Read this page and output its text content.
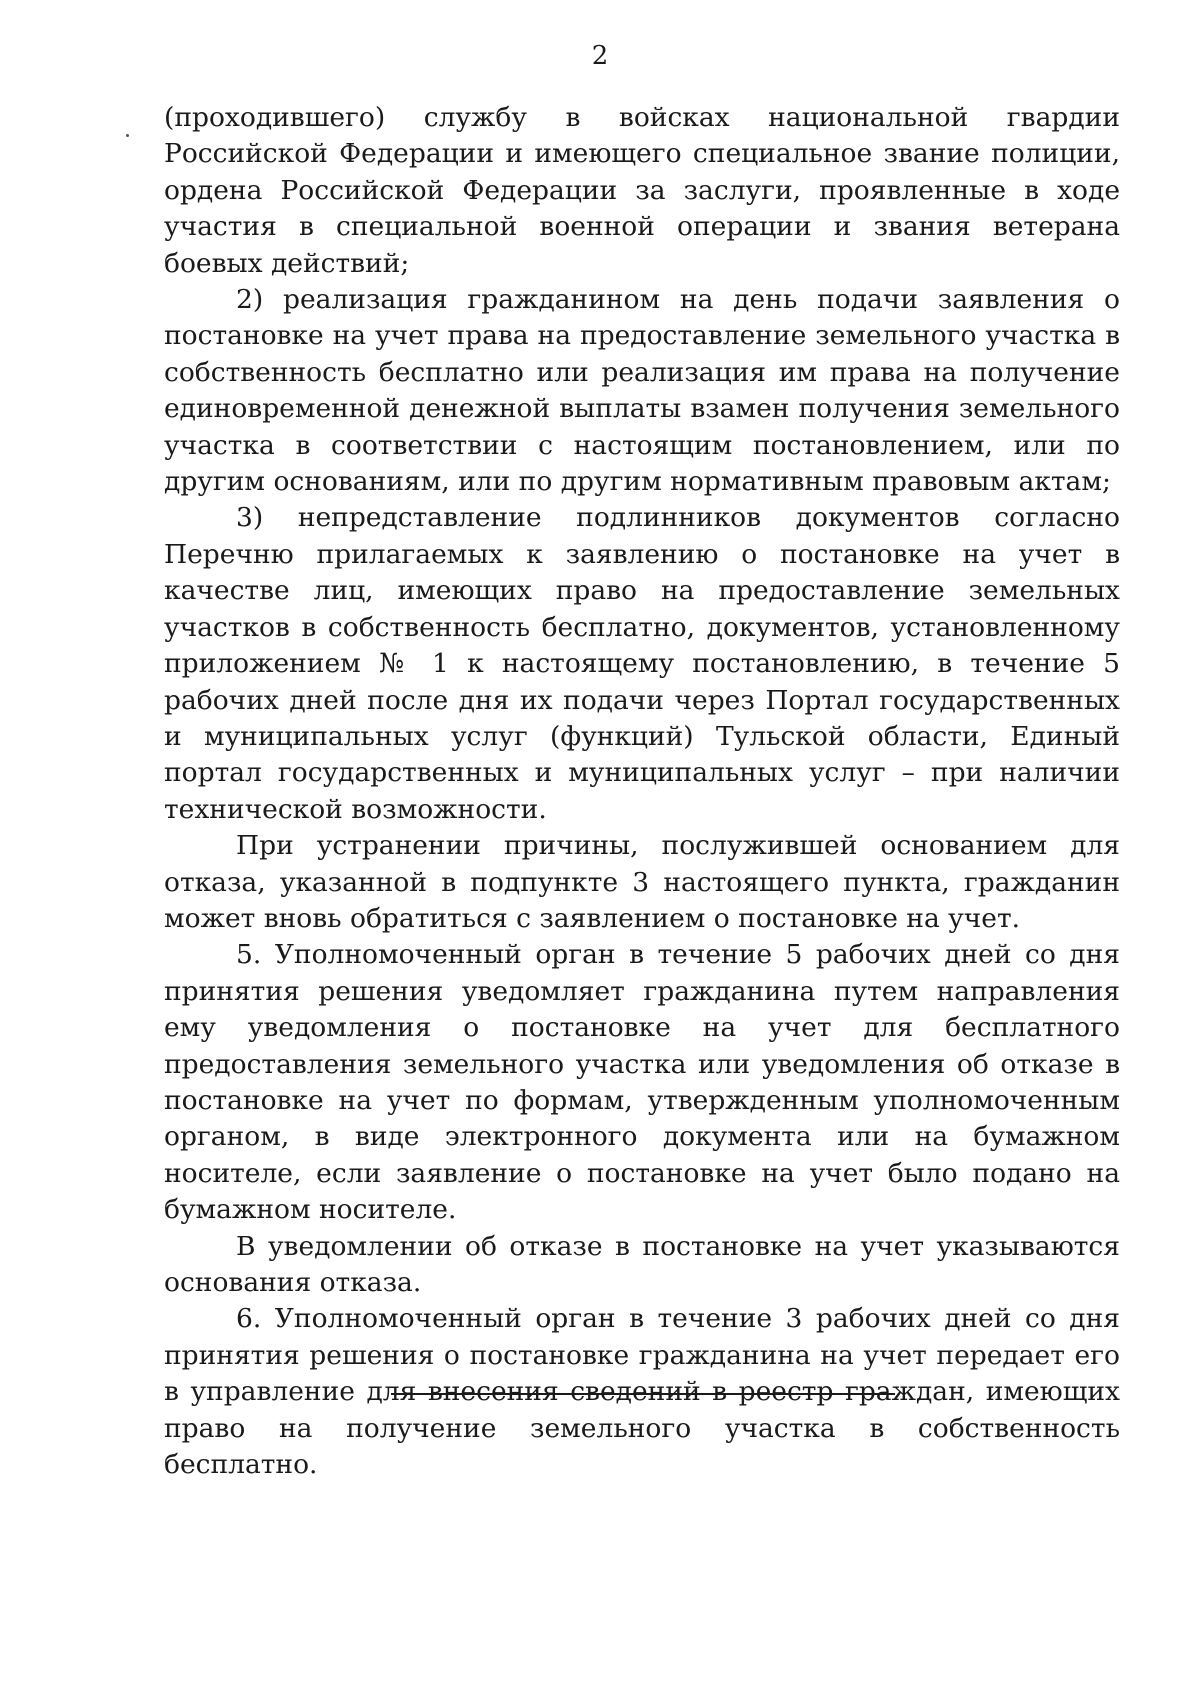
2

(проходившего) службу в войсках национальной гвардии Российской Федерации и имеющего специальное звание полиции, ордена Российской Федерации за заслуги, проявленные в ходе участия в специальной военной операции и звания ветерана боевых действий;

2) реализация гражданином на день подачи заявления о постановке на учет права на предоставление земельного участка в собственность бесплатно или реализация им права на получение единовременной денежной выплаты взамен получения земельного участка в соответствии с настоящим постановлением, или по другим основаниям, или по другим нормативным правовым актам;

3) непредставление подлинников документов согласно Перечню прилагаемых к заявлению о постановке на учет в качестве лиц, имеющих право на предоставление земельных участков в собственность бесплатно, документов, установленному приложением № 1 к настоящему постановлению, в течение 5 рабочих дней после дня их подачи через Портал государственных и муниципальных услуг (функций) Тульской области, Единый портал государственных и муниципальных услуг – при наличии технической возможности.

При устранении причины, послужившей основанием для отказа, указанной в подпункте 3 настоящего пункта, гражданин может вновь обратиться с заявлением о постановке на учет.

5. Уполномоченный орган в течение 5 рабочих дней со дня принятия решения уведомляет гражданина путем направления ему уведомления о постановке на учет для бесплатного предоставления земельного участка или уведомления об отказе в постановке на учет по формам, утвержденным уполномоченным органом, в виде электронного документа или на бумажном носителе, если заявление о постановке на учет было подано на бумажном носителе.

В уведомлении об отказе в постановке на учет указываются основания отказа.

6. Уполномоченный орган в течение 3 рабочих дней со дня принятия решения о постановке гражданина на учет передает его в управление для внесения сведений в реестр граждан, имеющих право на получение земельного участка в собственность бесплатно.
